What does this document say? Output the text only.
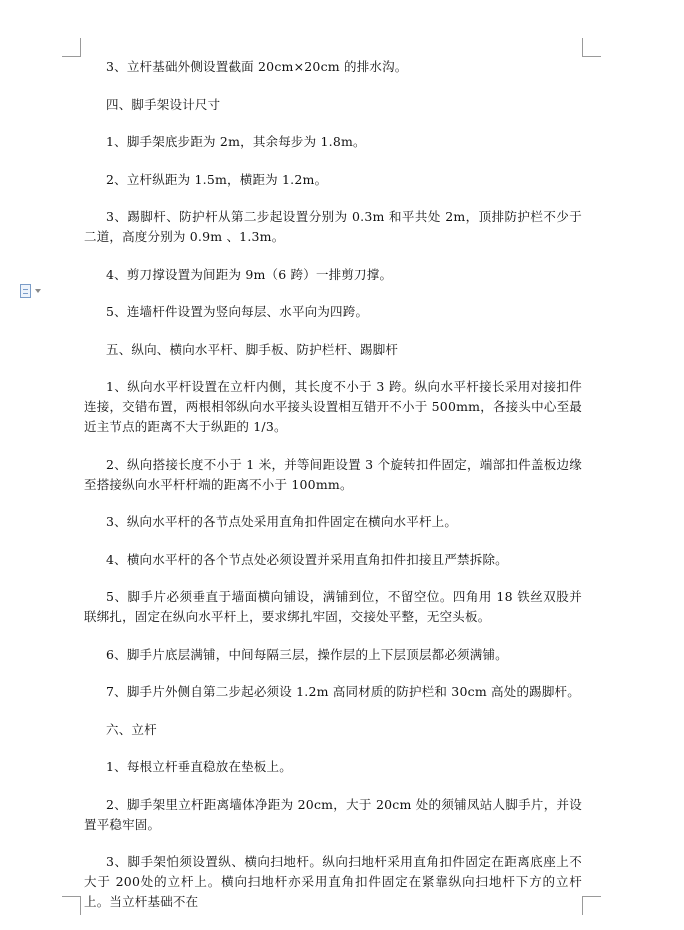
3、立杆基础外侧设置截面 20cm×20cm 的排水沟。

四、脚手架设计尺寸

1、脚手架底步距为 2m，其余每步为 1.8m。

2、立杆纵距为 1.5m，横距为 1.2m。

3、踢脚杆、防护杆从第二步起设置分别为 0.3m 和平共处 2m，顶排防护栏不少于二道，高度分别为 0.9m 、1.3m。

4、剪刀撑设置为间距为 9m（6 跨）一排剪刀撑。

5、连墙杆件设置为竖向每层、水平向为四跨。

五、纵向、横向水平杆、脚手板、防护栏杆、踢脚杆

1、纵向水平杆设置在立杆内侧，其长度不小于 3 跨。纵向水平杆接长采用对接扣件连接，交错布置，两根相邻纵向水平接头设置相互错开不小于 500mm，各接头中心至最近主节点的距离不大于纵距的 1/3。

2、纵向搭接长度不小于 1 米，并等间距设置 3 个旋转扣件固定，端部扣件盖板边缘至搭接纵向水平杆杆端的距离不小于 100mm。

3、纵向水平杆的各节点处采用直角扣件固定在横向水平杆上。

4、横向水平杆的各个节点处必须设置并采用直角扣件扣接且严禁拆除。

5、脚手片必须垂直于墙面横向铺设，满铺到位，不留空位。四角用 18 铁丝双股并联绑扎，固定在纵向水平杆上，要求绑扎牢固，交接处平整，无空头板。

6、脚手片底层满铺，中间每隔三层，操作层的上下层顶层都必须满铺。

7、脚手片外侧自第二步起必须设 1.2m 高同材质的防护栏和 30cm 高处的踢脚杆。

六、立杆

1、每根立杆垂直稳放在垫板上。

2、脚手架里立杆距离墙体净距为 20cm，大于 20cm 处的须铺凤站人脚手片，并设置平稳牢固。

3、脚手架怕须设置纵、横向扫地杆。纵向扫地杆采用直角扣件固定在距离底座上不大于 200处的立杆上。横向扫地杆亦采用直角扣件固定在紧靠纵向扫地杆下方的立杆上。当立杆基础不在
